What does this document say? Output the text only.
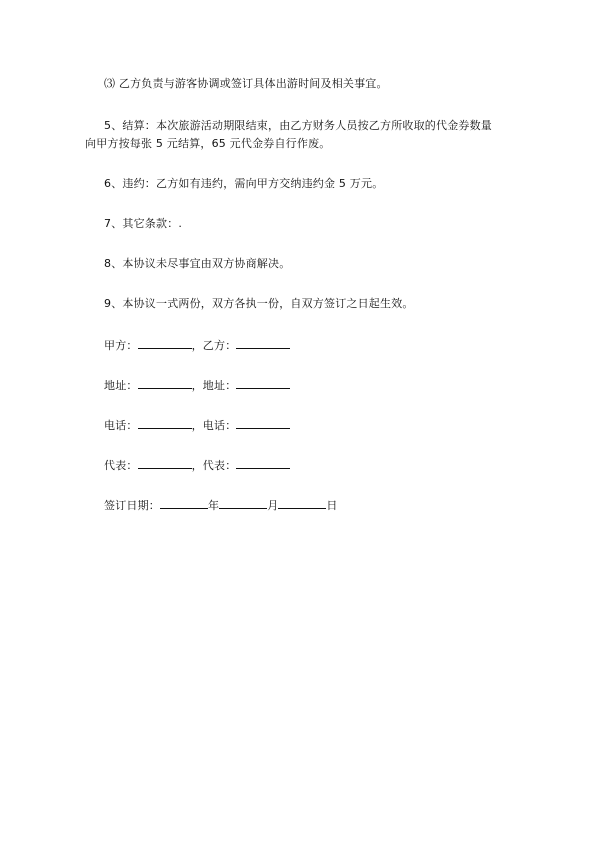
⑶ 乙方负责与游客协调或签订具体出游时间及相关事宜。
5、结算：本次旅游活动期限结束，由乙方财务人员按乙方所收取的代金券数量
向甲方按每张 5 元结算，65 元代金券自行作废。
6、违约：乙方如有违约，需向甲方交纳违约金 5 万元。
7、其它条款：.
8、本协议未尽事宜由双方协商解决。
9、本协议一式两份，双方各执一份，自双方签订之日起生效。
甲方：	，乙方：
地址：	，地址：
电话：	，电话：
代表：	，代表：
签订日期：	年	月	日
